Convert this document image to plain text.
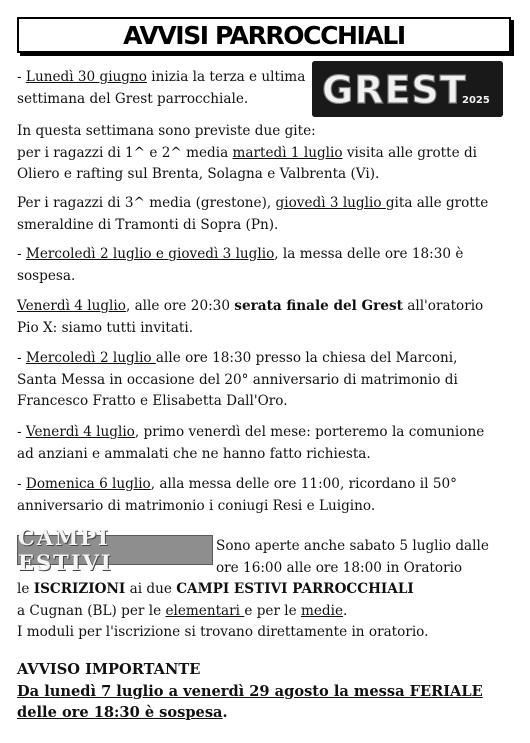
AVVISI PARROCCHIALI
GREST
2025

- Lunedì 30 giugno inizia la terza e ultima settimana del Grest parrocchiale.

In questa settimana sono previste due gite:
per i ragazzi di 1^ e 2^ media martedì 1 luglio visita alle grotte di Oliero e rafting sul Brenta, Solagna e Valbrenta (Vi).

Per i ragazzi di 3^ media (grestone), giovedì 3 luglio gita alle grotte smeraldine di Tramonti di Sopra (Pn).

- Mercoledì 2 luglio e giovedì 3 luglio, la messa delle ore 18:30 è sospesa.

Venerdì 4 luglio, alle ore 20:30 serata finale del Grest all'oratorio Pio X: siamo tutti invitati.

- Mercoledì 2 luglio alle ore 18:30 presso la chiesa del Marconi, Santa Messa in occasione del 20° anniversario di matrimonio di Francesco Fratto e Elisabetta Dall'Oro.

- Venerdì 4 luglio, primo venerdì del mese: porteremo la comunione ad anziani e ammalati che ne hanno fatto richiesta.

- Domenica 6 luglio, alla messa delle ore 11:00, ricordano il 50° anniversario di matrimonio i coniugi Resi e Luigino.

CAMPI ESTIVI

Sono aperte anche sabato 5 luglio dalle
ore 16:00 alle ore 18:00 in Oratorio

le ISCRIZIONI ai due CAMPI ESTIVI PARROCCHIALI
a Cugnan (BL) per le elementari e per le medie.
I moduli per l'iscrizione si trovano direttamente in oratorio.

AVVISO IMPORTANTE
Da lunedì 7 luglio a venerdì 29 agosto la messa FERIALE delle ore 18:30 è sospesa.
